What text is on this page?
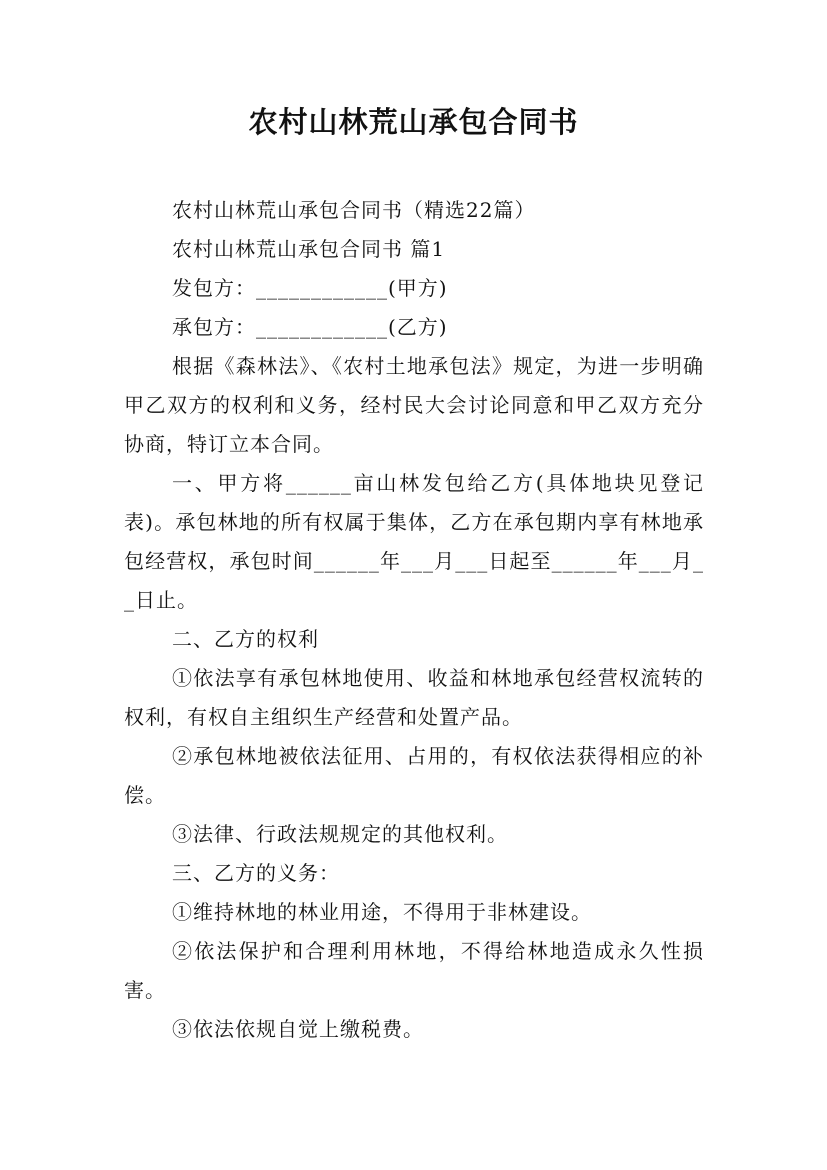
农村山林荒山承包合同书

农村山林荒山承包合同书（精选22篇）

农村山林荒山承包合同书 篇1

发包方：____________(甲方)

承包方：____________(乙方)

根据《森林法》、《农村土地承包法》规定，为进一步明确甲乙双方的权利和义务，经村民大会讨论同意和甲乙双方充分协商，特订立本合同。

一、甲方将______亩山林发包给乙方(具体地块见登记表)。承包林地的所有权属于集体，乙方在承包期内享有林地承包经营权，承包时间______年___月___日起至______年___月__日止。

二、乙方的权利

①依法享有承包林地使用、收益和林地承包经营权流转的权利，有权自主组织生产经营和处置产品。

②承包林地被依法征用、占用的，有权依法获得相应的补偿。

③法律、行政法规规定的其他权利。

三、乙方的义务：

①维持林地的林业用途，不得用于非林建设。

②依法保护和合理利用林地，不得给林地造成永久性损害。

③依法依规自觉上缴税费。
